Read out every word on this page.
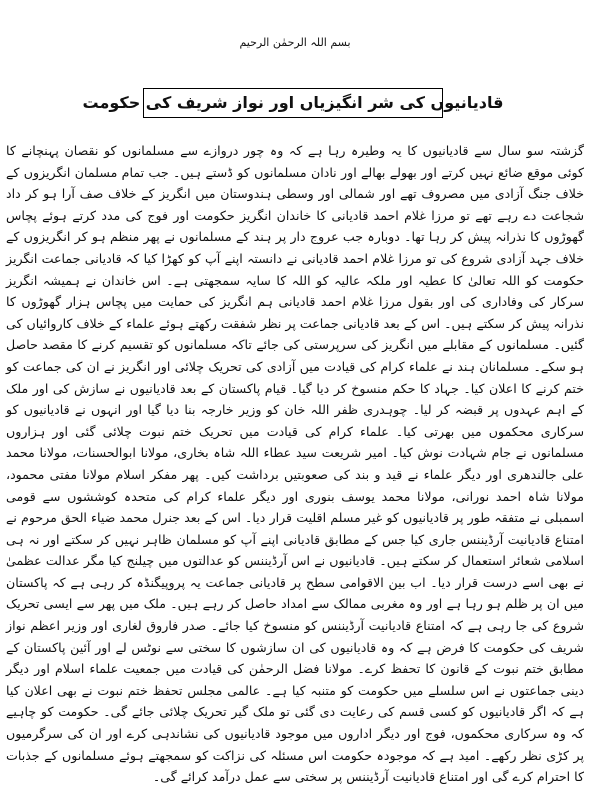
بسم اللہ الرحمٰن الرحیم
قادیانیوں کی شر انگیزیاں اور نواز شریف کی حکومت

گزشتہ سو سال سے قادیانیوں کا یہ وطیرہ رہا ہے کہ وہ چور دروازے سے مسلمانوں کو نقصان پہنچانے کا کوئی موقع ضائع نہیں کرتے اور بھولے بھالے اور نادان مسلمانوں کو ڈستے ہیں۔ جب تمام مسلمان انگریزوں کے خلاف جنگ آزادی میں مصروف تھے اور شمالی اور وسطی ہندوستان میں انگریز کے خلاف صف آرا ہو کر داد شجاعت دے رہے تھے تو مرزا غلام احمد قادیانی کا خاندان انگریز حکومت اور فوج کی مدد کرتے ہوئے پچاس گھوڑوں کا نذرانہ پیش کر رہا تھا۔ دوبارہ جب عروج دار پر ہند کے مسلمانوں نے پھر منظم ہو کر انگریزوں کے خلاف جہد آزادی شروع کی تو مرزا غلام احمد قادیانی نے دانستہ اپنے آپ کو کھڑا کیا کہ قادیانی جماعت انگریز حکومت کو اللہ تعالیٰ کا عطیہ اور ملکہ عالیہ کو اللہ کا سایہ سمجھتی ہے۔ اس خاندان نے ہمیشہ انگریز سرکار کی وفاداری کی اور بقول مرزا غلام احمد قادیانی ہم انگریز کی حمایت میں پچاس ہزار گھوڑوں کا نذرانہ پیش کر سکتے ہیں۔ اس کے بعد قادیانی جماعت پر نظر شفقت رکھتے ہوئے علماء کے خلاف کاروائیاں کی گئیں۔ مسلمانوں کے مقابلے میں انگریز کی سرپرستی کی جائے تاکہ مسلمانوں کو تقسیم کرنے کا مقصد حاصل ہو سکے۔ مسلمانان ہند نے علماء کرام کی قیادت میں آزادی کی تحریک چلائی اور انگریز نے ان کی جماعت کو ختم کرنے کا اعلان کیا۔ جہاد کا حکم منسوخ کر دیا گیا۔ قیام پاکستان کے بعد قادیانیوں نے سازش کی اور ملک کے اہم عہدوں پر قبضہ کر لیا۔ چوہدری ظفر اللہ خان کو وزیر خارجہ بنا دیا گیا اور انہوں نے قادیانیوں کو سرکاری محکموں میں بھرتی کیا۔ علماء کرام کی قیادت میں تحریک ختم نبوت چلائی گئی اور ہزاروں مسلمانوں نے جام شہادت نوش کیا۔ امیر شریعت سید عطاء اللہ شاہ بخاری، مولانا ابوالحسنات، مولانا محمد علی جالندھری اور دیگر علماء نے قید و بند کی صعوبتیں برداشت کیں۔ پھر مفکر اسلام مولانا مفتی محمود، مولانا شاہ احمد نورانی، مولانا محمد یوسف بنوری اور دیگر علماء کرام کی متحدہ کوششوں سے قومی اسمبلی نے متفقہ طور پر قادیانیوں کو غیر مسلم اقلیت قرار دیا۔ اس کے بعد جنرل محمد ضیاء الحق مرحوم نے امتناع قادیانیت آرڈیننس جاری کیا جس کے مطابق قادیانی اپنے آپ کو مسلمان ظاہر نہیں کر سکتے اور نہ ہی اسلامی شعائر استعمال کر سکتے ہیں۔ قادیانیوں نے اس آرڈیننس کو عدالتوں میں چیلنج کیا مگر عدالت عظمیٰ نے بھی اسے درست قرار دیا۔ اب بین الاقوامی سطح پر قادیانی جماعت یہ پروپیگنڈہ کر رہی ہے کہ پاکستان میں ان پر ظلم ہو رہا ہے اور وہ مغربی ممالک سے امداد حاصل کر رہے ہیں۔ ملک میں پھر سے ایسی تحریک شروع کی جا رہی ہے کہ امتناع قادیانیت آرڈیننس کو منسوخ کیا جائے۔ صدر فاروق لغاری اور وزیر اعظم نواز شریف کی حکومت کا فرض ہے کہ وہ قادیانیوں کی ان سازشوں کا سختی سے نوٹس لے اور آئین پاکستان کے مطابق ختم نبوت کے قانون کا تحفظ کرے۔ مولانا فضل الرحمٰن کی قیادت میں جمعیت علماء اسلام اور دیگر دینی جماعتوں نے اس سلسلے میں حکومت کو متنبہ کیا ہے۔ عالمی مجلس تحفظ ختم نبوت نے بھی اعلان کیا ہے کہ اگر قادیانیوں کو کسی قسم کی رعایت دی گئی تو ملک گیر تحریک چلائی جائے گی۔ حکومت کو چاہیے کہ وہ سرکاری محکموں، فوج اور دیگر اداروں میں موجود قادیانیوں کی نشاندہی کرے اور ان کی سرگرمیوں پر کڑی نظر رکھے۔ امید ہے کہ موجودہ حکومت اس مسئلہ کی نزاکت کو سمجھتے ہوئے مسلمانوں کے جذبات کا احترام کرے گی اور امتناع قادیانیت آرڈیننس پر سختی سے عمل درآمد کرائے گی۔
